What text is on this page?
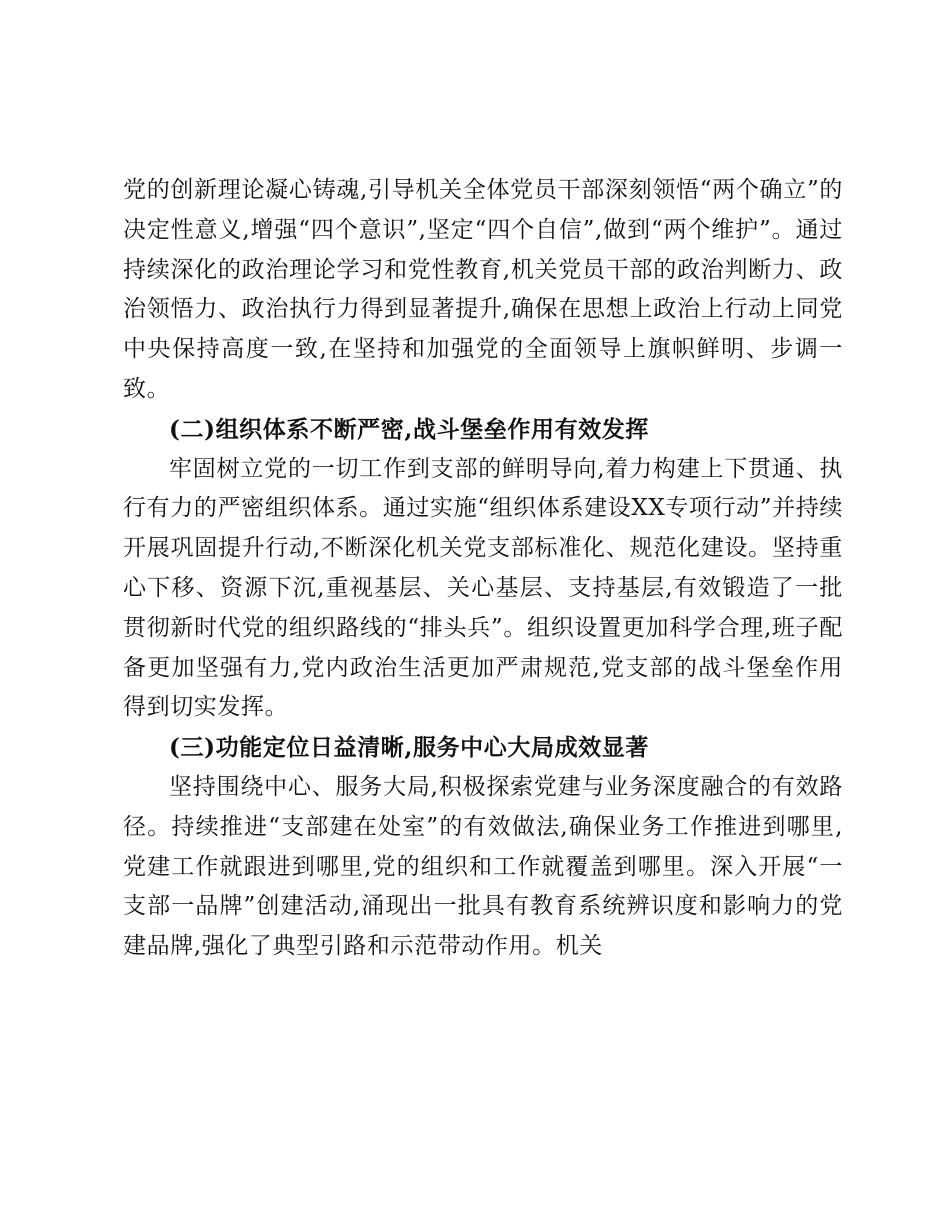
党的创新理论凝心铸魂,引导机关全体党员干部深刻领悟“两个确立”的决定性意义,增强“四个意识”,坚定“四个自信”,做到“两个维护”。通过持续深化的政治理论学习和党性教育,机关党员干部的政治判断力、政治领悟力、政治执行力得到显著提升,确保在思想上政治上行动上同党中央保持高度一致,在坚持和加强党的全面领导上旗帜鲜明、步调一致。

(二)组织体系不断严密,战斗堡垒作用有效发挥

牢固树立党的一切工作到支部的鲜明导向,着力构建上下贯通、执行有力的严密组织体系。通过实施“组织体系建设XX专项行动”并持续开展巩固提升行动,不断深化机关党支部标准化、规范化建设。坚持重心下移、资源下沉,重视基层、关心基层、支持基层,有效锻造了一批贯彻新时代党的组织路线的“排头兵”。组织设置更加科学合理,班子配备更加坚强有力,党内政治生活更加严肃规范,党支部的战斗堡垒作用得到切实发挥。

(三)功能定位日益清晰,服务中心大局成效显著

坚持围绕中心、服务大局,积极探索党建与业务深度融合的有效路径。持续推进“支部建在处室”的有效做法,确保业务工作推进到哪里,党建工作就跟进到哪里,党的组织和工作就覆盖到哪里。深入开展“一支部一品牌”创建活动,涌现出一批具有教育系统辨识度和影响力的党建品牌,强化了典型引路和示范带动作用。机关
